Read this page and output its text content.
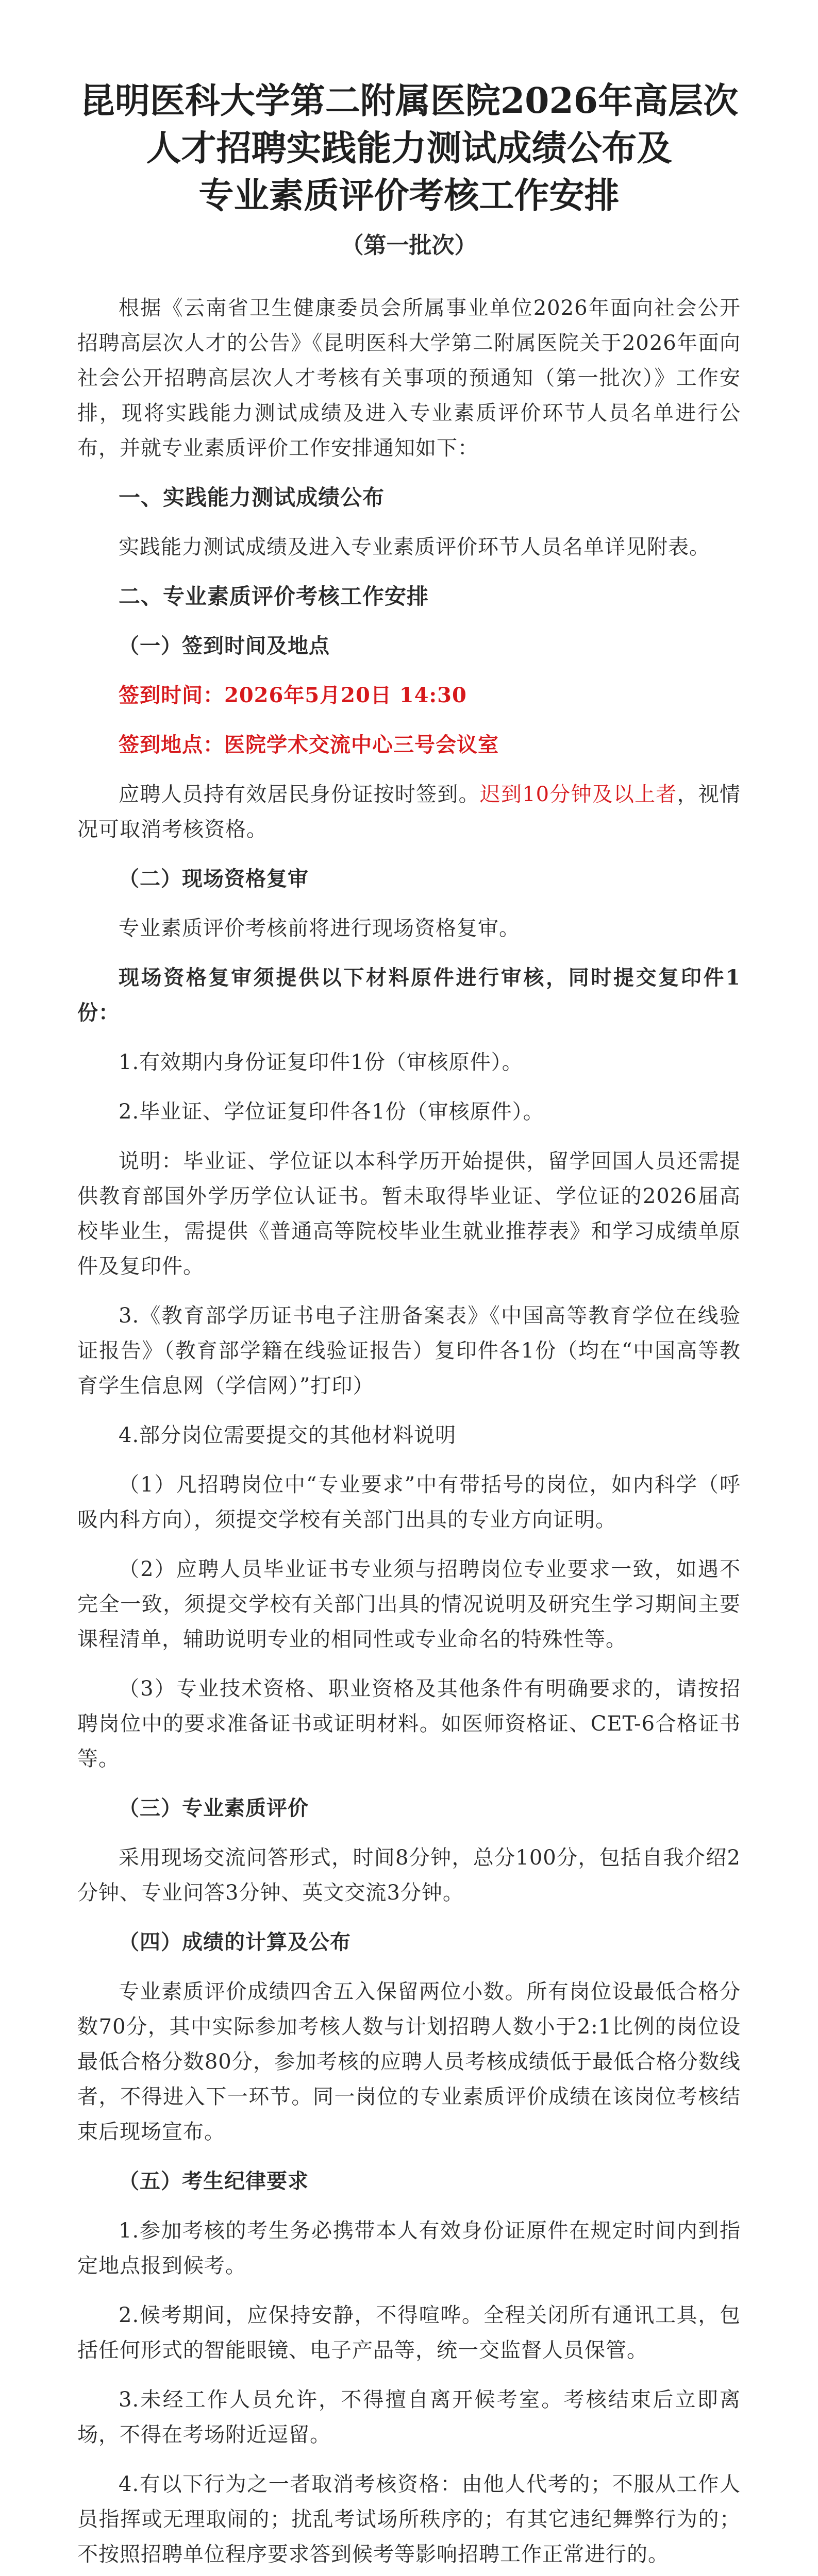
昆明医科大学第二附属医院2026年高层次
人才招聘实践能力测试成绩公布及
专业素质评价考核工作安排
（第一批次）

根据《云南省卫生健康委员会所属事业单位2026年面向社会公开招聘高层次人才的公告》《昆明医科大学第二附属医院关于2026年面向社会公开招聘高层次人才考核有关事项的预通知（第一批次）》工作安排，现将实践能力测试成绩及进入专业素质评价环节人员名单进行公布，并就专业素质评价工作安排通知如下：

一、实践能力测试成绩公布

实践能力测试成绩及进入专业素质评价环节人员名单详见附表。

二、专业素质评价考核工作安排

（一）签到时间及地点

签到时间：2026年5月20日 14:30

签到地点：医院学术交流中心三号会议室

应聘人员持有效居民身份证按时签到。迟到10分钟及以上者，视情况可取消考核资格。

（二）现场资格复审

专业素质评价考核前将进行现场资格复审。

现场资格复审须提供以下材料原件进行审核，同时提交复印件1份：

1.有效期内身份证复印件1份（审核原件）。

2.毕业证、学位证复印件各1份（审核原件）。

说明：毕业证、学位证以本科学历开始提供，留学回国人员还需提供教育部国外学历学位认证书。暂未取得毕业证、学位证的2026届高校毕业生，需提供《普通高等院校毕业生就业推荐表》和学习成绩单原件及复印件。

3.《教育部学历证书电子注册备案表》《中国高等教育学位在线验证报告》（教育部学籍在线验证报告）复印件各1份（均在“中国高等教育学生信息网（学信网）”打印）

4.部分岗位需要提交的其他材料说明

（1）凡招聘岗位中“专业要求”中有带括号的岗位，如内科学（呼吸内科方向），须提交学校有关部门出具的专业方向证明。

（2）应聘人员毕业证书专业须与招聘岗位专业要求一致，如遇不完全一致，须提交学校有关部门出具的情况说明及研究生学习期间主要课程清单，辅助说明专业的相同性或专业命名的特殊性等。

（3）专业技术资格、职业资格及其他条件有明确要求的，请按招聘岗位中的要求准备证书或证明材料。如医师资格证、CET-6合格证书等。

（三）专业素质评价

采用现场交流问答形式，时间8分钟，总分100分，包括自我介绍2分钟、专业问答3分钟、英文交流3分钟。

（四）成绩的计算及公布

专业素质评价成绩四舍五入保留两位小数。所有岗位设最低合格分数70分，其中实际参加考核人数与计划招聘人数小于2:1比例的岗位设最低合格分数80分，参加考核的应聘人员考核成绩低于最低合格分数线者，不得进入下一环节。同一岗位的专业素质评价成绩在该岗位考核结束后现场宣布。

（五）考生纪律要求

1.参加考核的考生务必携带本人有效身份证原件在规定时间内到指定地点报到候考。

2.候考期间，应保持安静，不得喧哗。全程关闭所有通讯工具，包括任何形式的智能眼镜、电子产品等，统一交监督人员保管。

3.未经工作人员允许，不得擅自离开候考室。考核结束后立即离场，不得在考场附近逗留。

4.有以下行为之一者取消考核资格：由他人代考的；不服从工作人员指挥或无理取闹的；扰乱考试场所秩序的；有其它违纪舞弊行为的；不按照招聘单位程序要求答到候考等影响招聘工作正常进行的。
